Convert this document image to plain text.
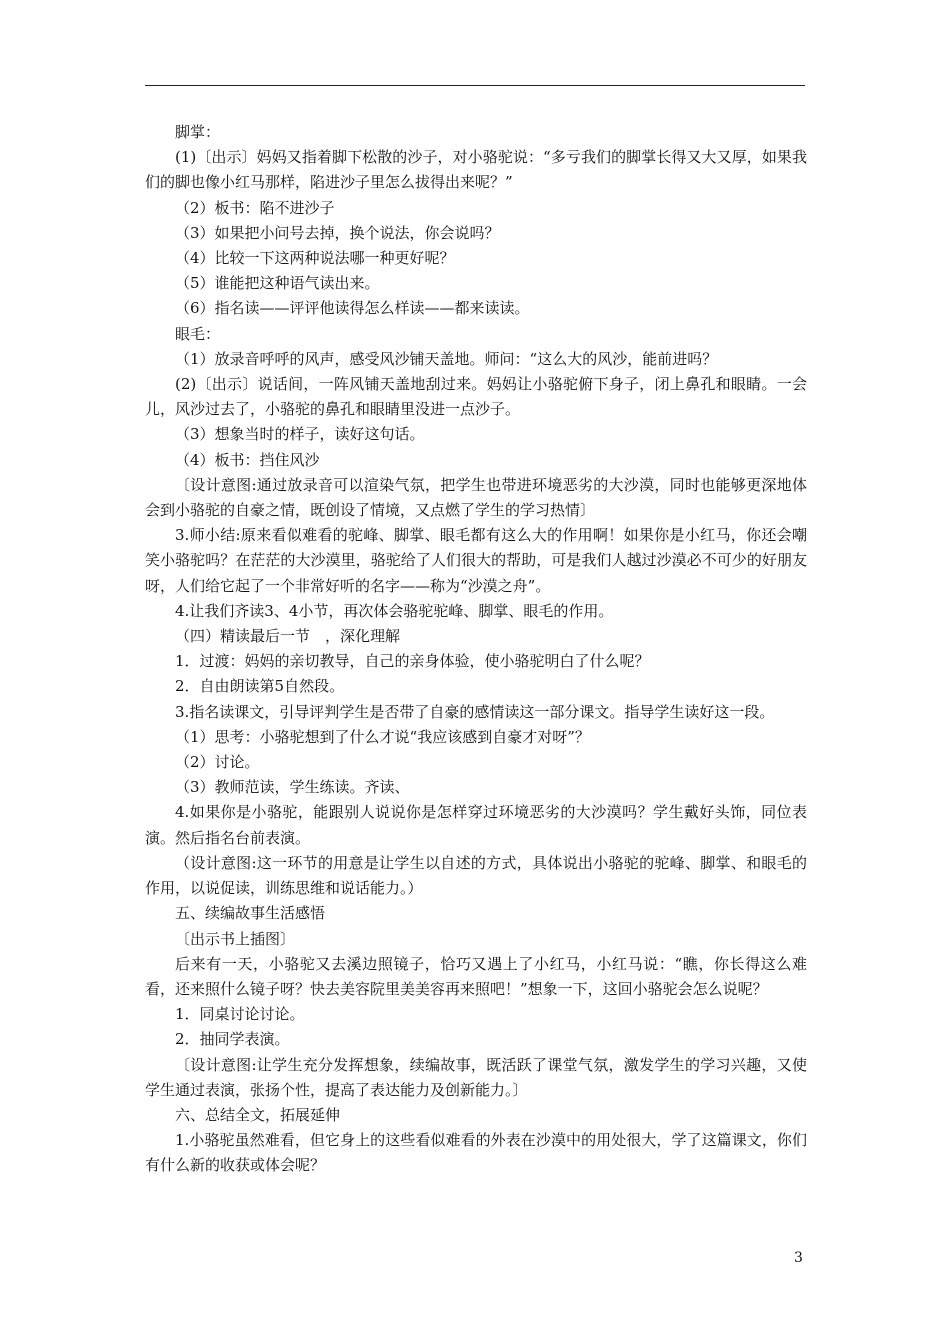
脚掌：

(1)〔出示〕妈妈又指着脚下松散的沙子，对小骆驼说：“多亏我们的脚掌长得又大又厚，如果我们的脚也像小红马那样，陷进沙子里怎么拔得出来呢？”

（2）板书：陷不进沙子

（3）如果把小问号去掉，换个说法，你会说吗？

（4）比较一下这两种说法哪一种更好呢？

（5）谁能把这种语气读出来。

（6）指名读——评评他读得怎么样读——都来读读。

眼毛：

（1）放录音呼呼的风声，感受风沙铺天盖地。师问：“这么大的风沙，能前进吗？

(2)〔出示〕说话间，一阵风铺天盖地刮过来。妈妈让小骆驼俯下身子，闭上鼻孔和眼睛。一会儿，风沙过去了，小骆驼的鼻孔和眼睛里没进一点沙子。

（3）想象当时的样子，读好这句话。

（4）板书：挡住风沙

〔设计意图:通过放录音可以渲染气氛，把学生也带进环境恶劣的大沙漠，同时也能够更深地体会到小骆驼的自豪之情，既创设了情境，又点燃了学生的学习热情〕

3.师小结:原来看似难看的驼峰、脚掌、眼毛都有这么大的作用啊！如果你是小红马，你还会嘲笑小骆驼吗？在茫茫的大沙漠里，骆驼给了人们很大的帮助，可是我们人越过沙漠必不可少的好朋友呀，人们给它起了一个非常好听的名字——称为“沙漠之舟”。

4.让我们齐读3、4小节，再次体会骆驼驼峰、脚掌、眼毛的作用。

（四）精读最后一节　，深化理解

1．过渡：妈妈的亲切教导，自己的亲身体验，使小骆驼明白了什么呢？

2．自由朗读第5自然段。

3.指名读课文，引导评判学生是否带了自豪的感情读这一部分课文。指导学生读好这一段。

（1）思考：小骆驼想到了什么才说“我应该感到自豪才对呀”？

（2）讨论。

（3）教师范读，学生练读。齐读、

4.如果你是小骆驼，能跟别人说说你是怎样穿过环境恶劣的大沙漠吗？学生戴好头饰，同位表演。然后指名台前表演。

（设计意图:这一环节的用意是让学生以自述的方式，具体说出小骆驼的驼峰、脚掌、和眼毛的作用，以说促读，训练思维和说话能力。）

五、续编故事生活感悟

〔出示书上插图〕

后来有一天，小骆驼又去溪边照镜子，恰巧又遇上了小红马，小红马说：“瞧，你长得这么难看，还来照什么镜子呀？快去美容院里美美容再来照吧！”想象一下，这回小骆驼会怎么说呢？

1．同桌讨论讨论。

2．抽同学表演。

〔设计意图:让学生充分发挥想象，续编故事，既活跃了课堂气氛，激发学生的学习兴趣，又使学生通过表演，张扬个性，提高了表达能力及创新能力。〕

六、总结全文，拓展延伸

1.小骆驼虽然难看，但它身上的这些看似难看的外表在沙漠中的用处很大，学了这篇课文，你们有什么新的收获或体会呢？

3
